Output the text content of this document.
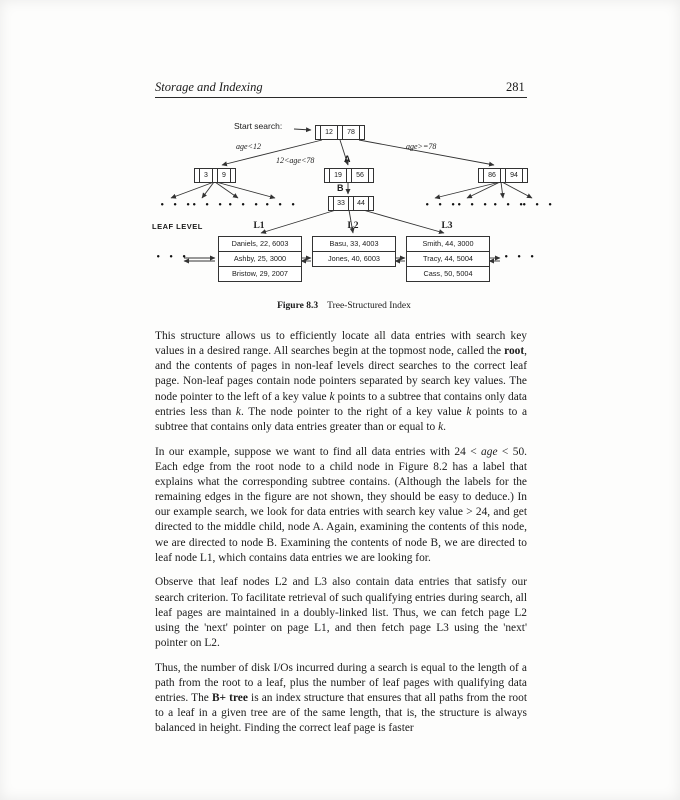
Storage and Indexing	281
Start search:
12	78
age<12
12<age<78
age>=78
A
B
3	9	19	56	86	94
33	44
• • •
• • • • • • • • •	• • •
• • • • • •
• • •
LEAF LEVEL	L1	L2	L3
• • •	• • •
Daniels, 22, 6003
Ashby, 25, 3000
Bristow, 29, 2007
Basu, 33, 4003
Jones, 40, 6003
Smith, 44, 3000
Tracy, 44, 5004
Cass, 50, 5004
Figure 8.3 Tree-Structured Index

This structure allows us to efficiently locate all data entries with search key values in a desired range. All searches begin at the topmost node, called the root, and the contents of pages in non-leaf levels direct searches to the correct leaf page. Non-leaf pages contain node pointers separated by search key values. The node pointer to the left of a key value k points to a subtree that contains only data entries less than k. The node pointer to the right of a key value k points to a subtree that contains only data entries greater than or equal to k.

In our example, suppose we want to find all data entries with 24 < age < 50. Each edge from the root node to a child node in Figure 8.2 has a label that explains what the corresponding subtree contains. (Although the labels for the remaining edges in the figure are not shown, they should be easy to deduce.) In our example search, we look for data entries with search key value > 24, and get directed to the middle child, node A. Again, examining the contents of this node, we are directed to node B. Examining the contents of node B, we are directed to leaf node L1, which contains data entries we are looking for.

Observe that leaf nodes L2 and L3 also contain data entries that satisfy our search criterion. To facilitate retrieval of such qualifying entries during search, all leaf pages are maintained in a doubly-linked list. Thus, we can fetch page L2 using the 'next' pointer on page L1, and then fetch page L3 using the 'next' pointer on L2.

Thus, the number of disk I/Os incurred during a search is equal to the length of a path from the root to a leaf, plus the number of leaf pages with qualifying data entries. The B+ tree is an index structure that ensures that all paths from the root to a leaf in a given tree are of the same length, that is, the structure is always balanced in height. Finding the correct leaf page is faster
